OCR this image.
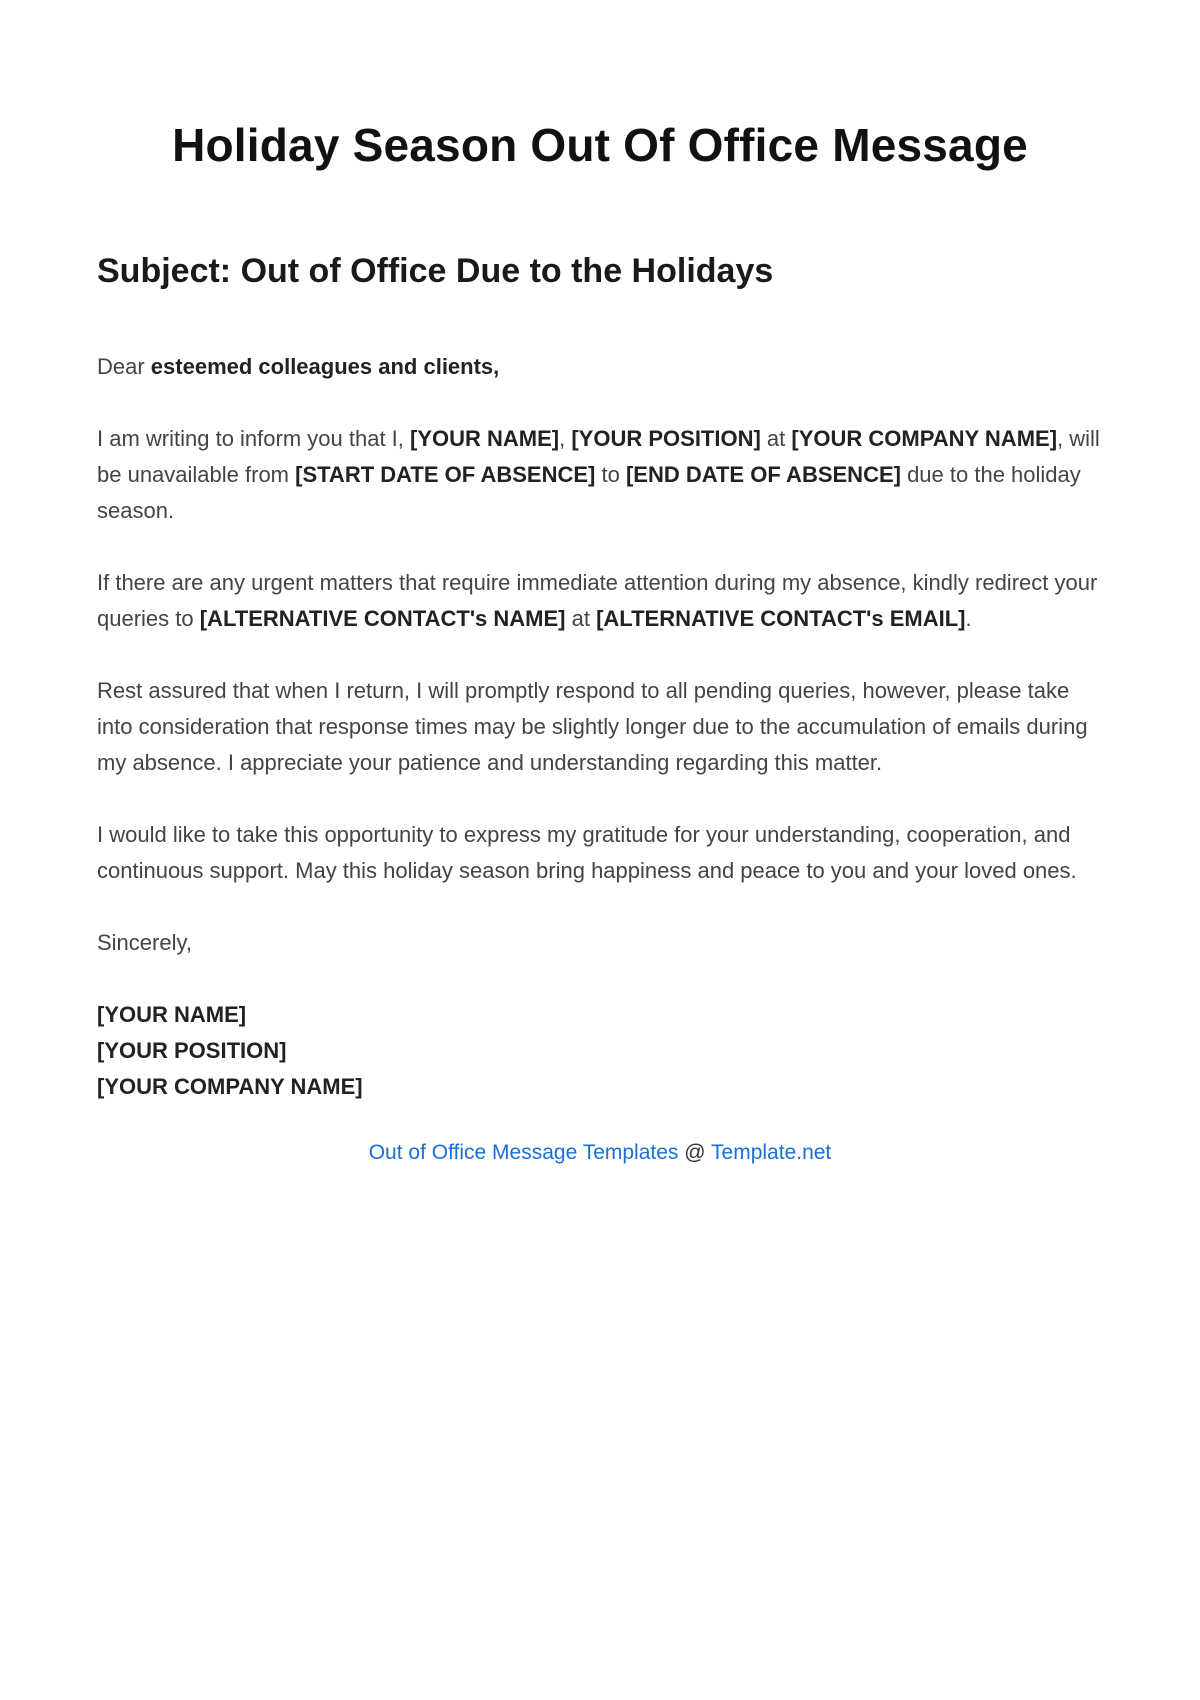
Holiday Season Out Of Office Message
Subject: Out of Office Due to the Holidays

Dear esteemed colleagues and clients,

I am writing to inform you that I, [YOUR NAME], [YOUR POSITION] at [YOUR COMPANY NAME], will be unavailable from [START DATE OF ABSENCE] to [END DATE OF ABSENCE] due to the holiday season.

If there are any urgent matters that require immediate attention during my absence, kindly redirect your queries to [ALTERNATIVE CONTACT's NAME] at [ALTERNATIVE CONTACT's EMAIL].

Rest assured that when I return, I will promptly respond to all pending queries, however, please take into consideration that response times may be slightly longer due to the accumulation of emails during my absence. I appreciate your patience and understanding regarding this matter.

I would like to take this opportunity to express my gratitude for your understanding, cooperation, and continuous support. May this holiday season bring happiness and peace to you and your loved ones.

Sincerely,

[YOUR NAME]
[YOUR POSITION]
[YOUR COMPANY NAME]
Out of Office Message Templates @ Template.net
